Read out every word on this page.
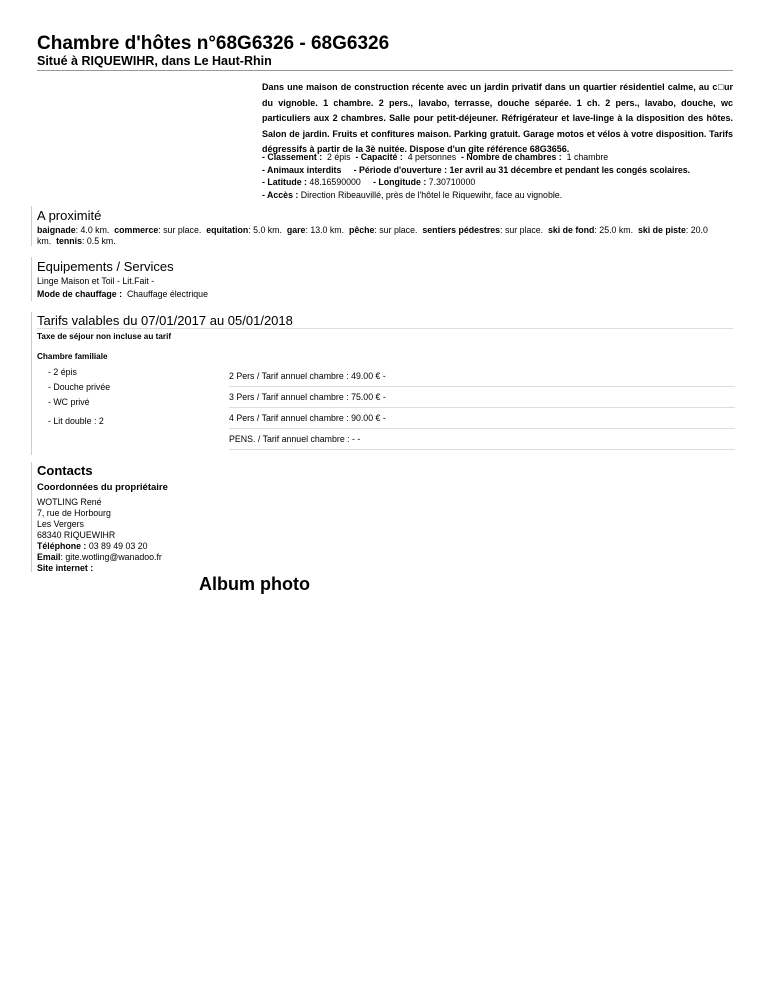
Chambre d'hôtes n°68G6326 - 68G6326
Situé à RIQUEWIHR, dans Le Haut-Rhin
Dans une maison de construction récente avec un jardin privatif dans un quartier résidentiel calme, au c□ur du vignoble. 1 chambre. 2 pers., lavabo, terrasse, douche séparée. 1 ch. 2 pers., lavabo, douche, wc particuliers aux 2 chambres. Salle pour petit-déjeuner. Réfrigérateur et lave-linge à la disposition des hôtes. Salon de jardin. Fruits et confitures maison. Parking gratuit. Garage motos et vélos à votre disposition. Tarifs dégressifs à partir de la 3è nuitée. Dispose d'un gîte référence 68G3656.
- Classement : 2 épis - Capacité : 4 personnes - Nombre de chambres : 1 chambre
- Animaux interdits - Période d'ouverture : 1er avril au 31 décembre et pendant les congés scolaires.
- Latitude : 48.16590000 - Longitude : 7.30710000
- Accès : Direction Ribeauvillé, près de l'hôtel le Riquewihr, face au vignoble.
A proximité
baignade: 4.0 km. commerce: sur place. equitation: 5.0 km. gare: 13.0 km. pêche: sur place. sentiers pédestres: sur place. ski de fond: 25.0 km. ski de piste: 20.0
km. tennis: 0.5 km.
Equipements / Services
Linge Maison et Toil - Lit.Fait -
Mode de chauffage : Chauffage électrique
Tarifs valables du 07/01/2017 au 05/01/2018
Taxe de séjour non incluse au tarif
Chambre familiale
- 2 épis
- Douche privée
- WC privé
- Lit double : 2
2 Pers / Tarif annuel chambre : 49.00 € -
3 Pers / Tarif annuel chambre : 75.00 € -
4 Pers / Tarif annuel chambre : 90.00 € -
PENS. / Tarif annuel chambre : - -
Contacts
Coordonnées du propriétaire
WOTLING René
7, rue de Horbourg
Les Vergers
68340 RIQUEWIHR
Téléphone : 03 89 49 03 20
Email: gite.wotling@wanadoo.fr
Site internet :
Album photo
